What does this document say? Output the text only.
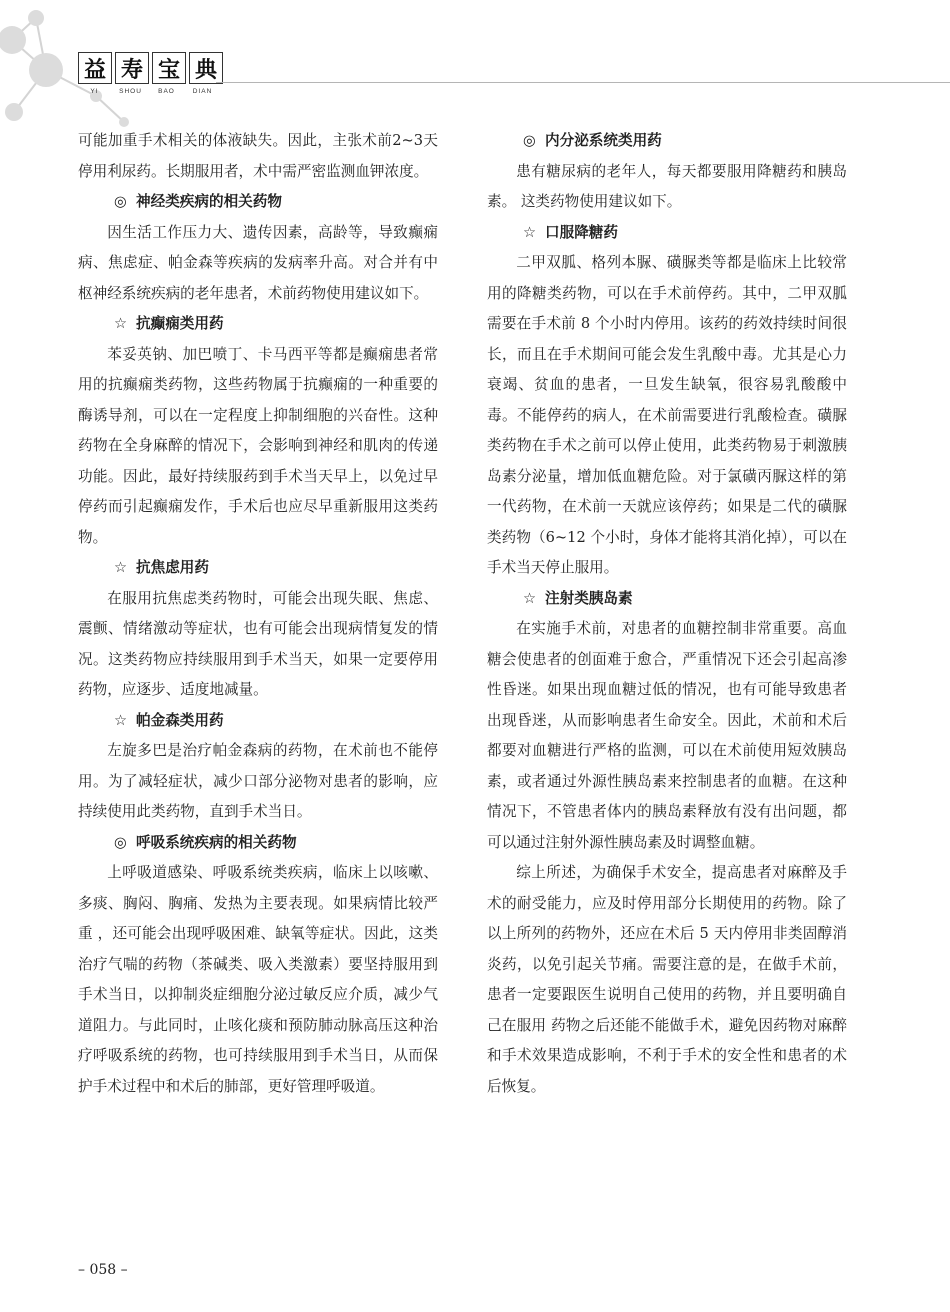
益 寿 宝 典
YI	SHOU	BAO	DIAN

可能加重手术相关的体液缺失。因此，主张术前2~3天停用利尿药。长期服用者，术中需严密监测血钾浓度。

◎ 神经类疾病的相关药物

因生活工作压力大、遗传因素，高龄等，导致癫痫病、焦虑症、帕金森等疾病的发病率升高。对合并有中枢神经系统疾病的老年患者，术前药物使用建议如下。

☆ 抗癫痫类用药

苯妥英钠、加巴喷丁、卡马西平等都是癫痫患者常用的抗癫痫类药物，这些药物属于抗癫痫的一种重要的酶诱导剂，可以在一定程度上抑制细胞的兴奋性。这种药物在全身麻醉的情况下，会影响到神经和肌肉的传递功能。因此，最好持续服药到手术当天早上，以免过早停药而引起癫痫发作，手术后也应尽早重新服用这类药物。

☆ 抗焦虑用药

在服用抗焦虑类药物时，可能会出现失眠、焦虑、震颤、情绪激动等症状，也有可能会出现病情复发的情况。这类药物应持续服用到手术当天，如果一定要停用药物，应逐步、适度地减量。

☆ 帕金森类用药

左旋多巴是治疗帕金森病的药物，在术前也不能停用。为了减轻症状，减少口部分泌物对患者的影响，应持续使用此类药物，直到手术当日。

◎ 呼吸系统疾病的相关药物

上呼吸道感染、呼吸系统类疾病，临床上以咳嗽、多痰、胸闷、胸痛、发热为主要表现。如果病情比较严重 ，还可能会出现呼吸困难、缺氧等症状。因此，这类治疗气喘的药物（茶碱类、吸入类激素）要坚持服用到手术当日，以抑制炎症细胞分泌过敏反应介质，减少气道阻力。与此同时，止咳化痰和预防肺动脉高压这种治疗呼吸系统的药物，也可持续服用到手术当日，从而保护手术过程中和术后的肺部，更好管理呼吸道。

◎ 内分泌系统类用药

患有糖尿病的老年人，每天都要服用降糖药和胰岛素。 这类药物使用建议如下。

☆ 口服降糖药

二甲双胍、格列本脲、磺脲类等都是临床上比较常用的降糖类药物，可以在手术前停药。其中，二甲双胍需要在手术前 8 个小时内停用。该药的药效持续时间很长，而且在手术期间可能会发生乳酸中毒。尤其是心力衰竭、贫血的患者，一旦发生缺氧，很容易乳酸酸中毒。不能停药的病人，在术前需要进行乳酸检查。磺脲类药物在手术之前可以停止使用，此类药物易于刺激胰岛素分泌量，增加低血糖危险。对于氯磺丙脲这样的第一代药物，在术前一天就应该停药；如果是二代的磺脲类药物（6~12 个小时，身体才能将其消化掉），可以在手术当天停止服用。

☆ 注射类胰岛素

在实施手术前，对患者的血糖控制非常重要。高血糖会使患者的创面难于愈合，严重情况下还会引起高渗性昏迷。如果出现血糖过低的情况，也有可能导致患者出现昏迷，从而影响患者生命安全。因此，术前和术后都要对血糖进行严格的监测，可以在术前使用短效胰岛素，或者通过外源性胰岛素来控制患者的血糖。在这种情况下，不管患者体内的胰岛素释放有没有出问题，都可以通过注射外源性胰岛素及时调整血糖。

综上所述，为确保手术安全，提高患者对麻醉及手术的耐受能力，应及时停用部分长期使用的药物。除了以上所列的药物外，还应在术后 5 天内停用非类固醇消炎药，以免引起关节痛。需要注意的是，在做手术前，患者一定要跟医生说明自己使用的药物，并且要明确自己在服用 药物之后还能不能做手术，避免因药物对麻醉和手术效果造成影响，不利于手术的安全性和患者的术后恢复。

– 058 –
